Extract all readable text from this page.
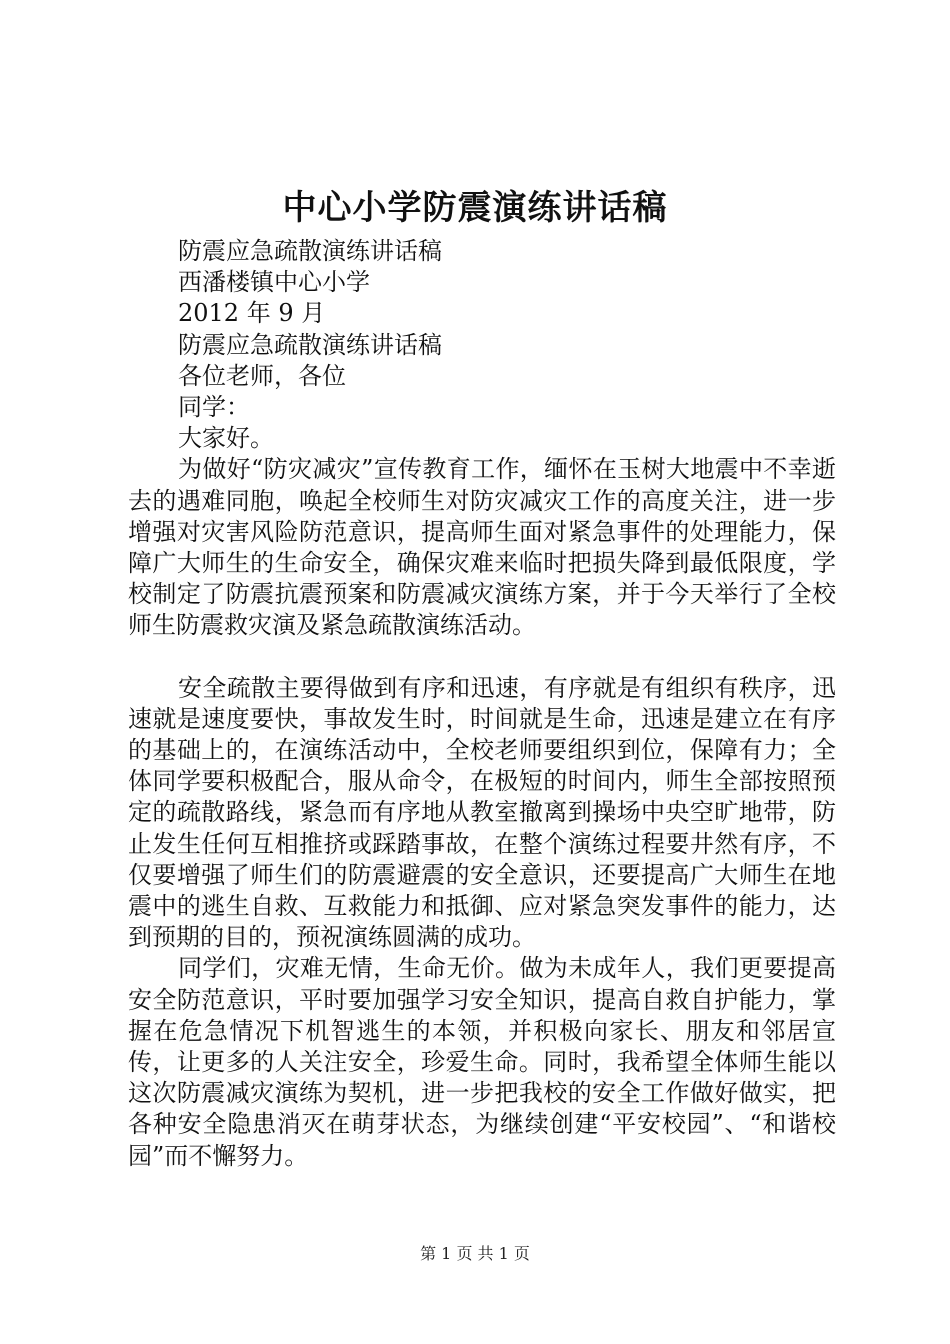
中心小学防震演练讲话稿
防震应急疏散演练讲话稿
西潘楼镇中心小学
2012 年 9 月
防震应急疏散演练讲话稿
各位老师，各位
同学：
大家好。

为做好“防灾减灾”宣传教育工作，缅怀在玉树大地震中不幸逝去的遇难同胞，唤起全校师生对防灾减灾工作的高度关注，进一步增强对灾害风险防范意识，提高师生面对紧急事件的处理能力，保障广大师生的生命安全，确保灾难来临时把损失降到最低限度，学校制定了防震抗震预案和防震减灾演练方案，并于今天举行了全校师生防震救灾演及紧急疏散演练活动。

安全疏散主要得做到有序和迅速，有序就是有组织有秩序，迅速就是速度要快，事故发生时，时间就是生命，迅速是建立在有序的基础上的，在演练活动中，全校老师要组织到位，保障有力；全体同学要积极配合，服从命令，在极短的时间内，师生全部按照预定的疏散路线，紧急而有序地从教室撤离到操场中央空旷地带，防止发生任何互相推挤或踩踏事故，在整个演练过程要井然有序，不仅要增强了师生们的防震避震的安全意识，还要提高广大师生在地震中的逃生自救、互救能力和抵御、应对紧急突发事件的能力，达到预期的目的，预祝演练圆满的成功。

同学们，灾难无情，生命无价。做为未成年人，我们更要提高安全防范意识，平时要加强学习安全知识，提高自救自护能力，掌握在危急情况下机智逃生的本领，并积极向家长、朋友和邻居宣传，让更多的人关注安全，珍爱生命。同时，我希望全体师生能以这次防震减灾演练为契机，进一步把我校的安全工作做好做实，把各种安全隐患消灭在萌芽状态，为继续创建“平安校园”、“和谐校园”而不懈努力。

第 1 页 共 1 页
